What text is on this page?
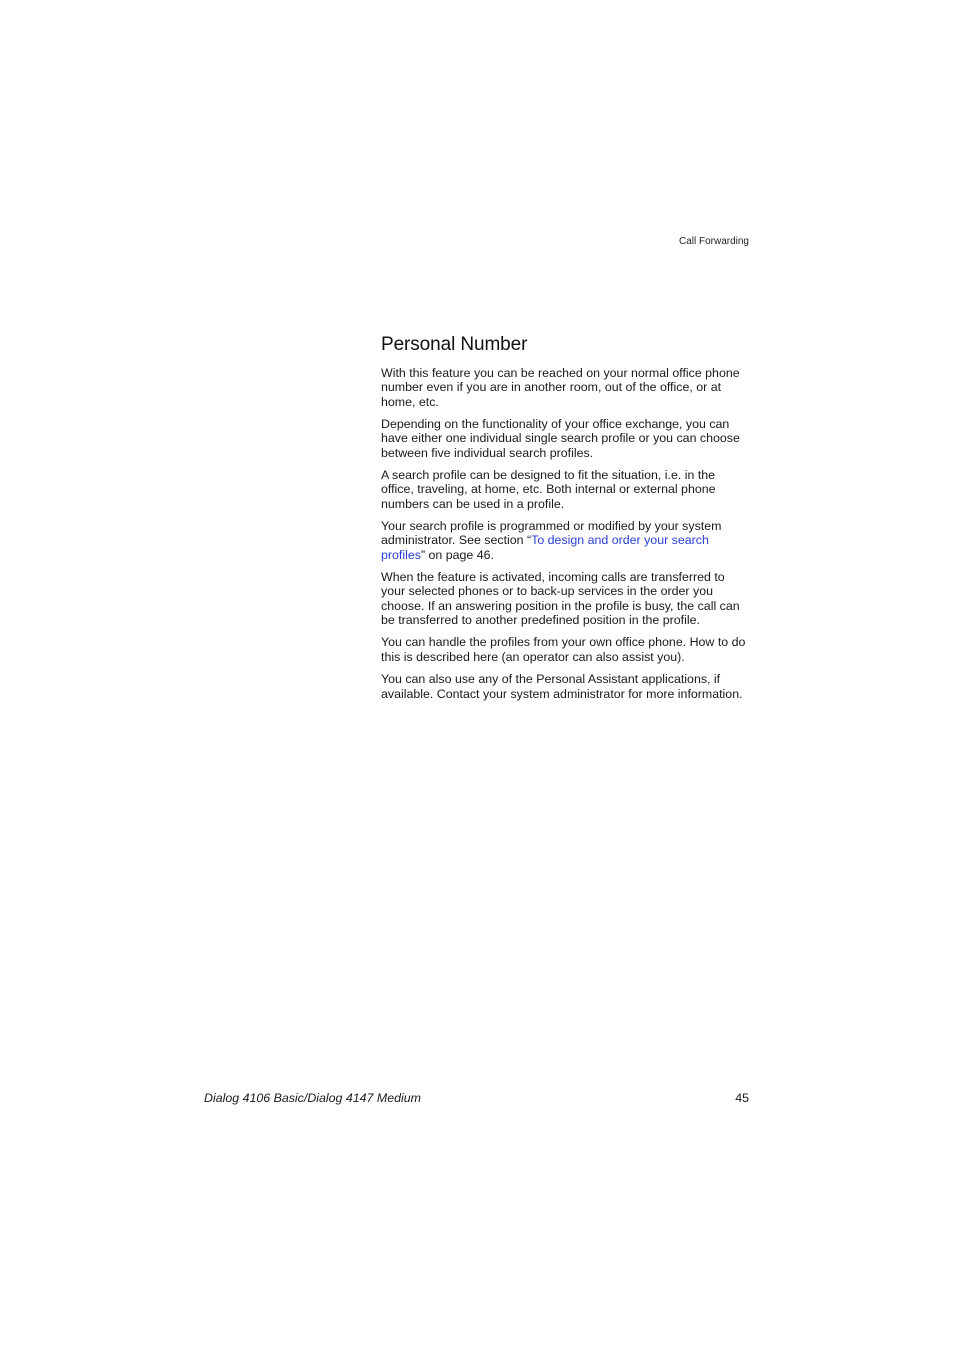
Call Forwarding
Personal Number

With this feature you can be reached on your normal office phone number even if you are in another room, out of the office, or at home, etc.

Depending on the functionality of your office exchange, you can have either one individual single search profile or you can choose between five individual search profiles.

A search profile can be designed to fit the situation, i.e. in the office, traveling, at home, etc. Both internal or external phone numbers can be used in a profile.

Your search profile is programmed or modified by your system administrator. See section “To design and order your search profiles” on page 46.

When the feature is activated, incoming calls are transferred to your selected phones or to back-up services in the order you choose. If an answering position in the profile is busy, the call can be transferred to another predefined position in the profile.

You can handle the profiles from your own office phone. How to do this is described here (an operator can also assist you).

You can also use any of the Personal Assistant applications, if available. Contact your system administrator for more information.

Dialog 4106 Basic/Dialog 4147 Medium	45
